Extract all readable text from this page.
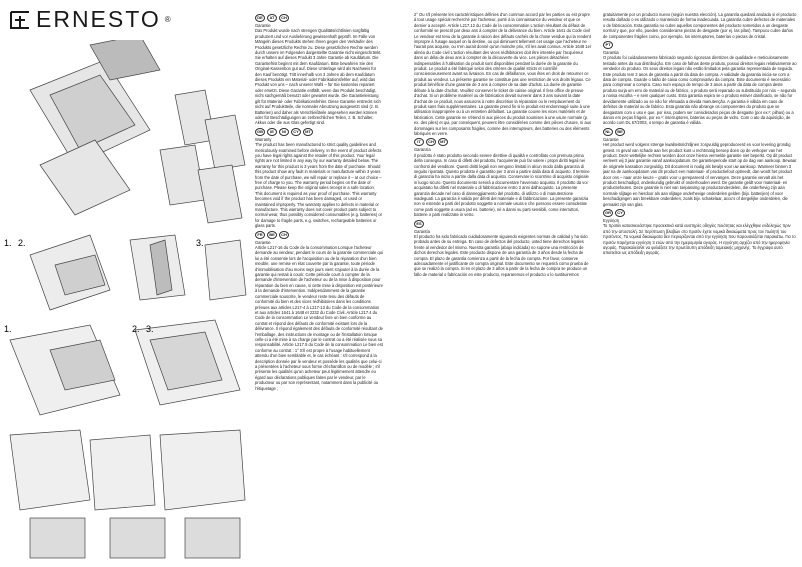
ERNESTO ®
1. 2.	3.
1.	2. 3.
DE	AT	CH

Garantie

Das Produkt wurde nach strengen Qualitätsrichtlinien sorgfältig produziert und vor Auslieferung gewissenhaft geprüft. Im Falle von Mängeln dieses Produkts stehen Ihnen gegen den Verkäufer des Produkts gesetzliche Rechte zu. Diese gesetzlichen Rechte werden durch unsere im Folgenden dargestellte Garantie nicht eingeschränkt. Sie erhalten auf dieses Produkt 3 Jahre Garantie ab Kaufdatum. Die Garantiefrist beginnt mit dem Kaufdatum. Bitte bewahren Sie den Original-Kassenbon gut auf. Diese Unterlage wird als Nachweis für den Kauf benötigt. Tritt innerhalb von 3 Jahren ab dem Kaufdatum dieses Produkts ein Material- oder Fabrikationsfehler auf, wird das Produkt von uns – nach unserer Wahl – für Sie kostenlos repariert oder ersetzt. Diese Garantie entfällt, wenn das Produkt beschädigt, nicht sachgemäß benutzt oder gewartet wurde. Die Garantieleistung gilt für Material- oder Fabrikationsfehler. Diese Garantie erstreckt sich nicht auf Produktteile, die normaler Abnutzung ausgesetzt sind (z. B. Batterien) und daher als Verschleißteile angesehen werden können oder für Beschädigungen an zerbrechlichen Teilen, z. B. Schalter, Akkus oder die aus Glas gefertigt sind.

GB	IE	NI	CY	MT

Warranty

The product has been manufactured to strict quality guidelines and meticulously examined before delivery. In the event of product defects you have legal rights against the retailer of this product. Your legal rights are not limited in any way by our warranty detailed below. The warranty for this product is 3 years from the date of purchase. Should this product show any fault in materials or manufacture within 3 years from the date of purchase, we will repair or replace it – at our choice – free of charge to you. The warranty period begins on the date of purchase. Please keep the original sales receipt in a safe location. This document is required as your proof of purchase. This warranty becomes void if the product has been damaged, or used or maintained improperly. The warranty applies to defects in material or manufacture. This warranty does not cover product parts subject to normal wear, thus possibly considered consumables (e.g. batteries) or for damage to fragile parts, e.g. switches, rechargeable batteries or glass parts.

FR	BE	CH

Garantie

Article L217-16 du Code de la consommation Lorsque l'acheteur demande au vendeur, pendant le cours de la garantie commerciale qui lui a été consentie lors de l'acquisition ou de la réparation d'un bien meuble, une remise en état couverte par la garantie, toute période d'immobilisation d'au moins sept jours vient s'ajouter à la durée de la garantie qui restait à courir. Cette période court à compter de la demande d'intervention de l'acheteur ou de la mise à disposition pour réparation du bien en cause, si cette mise à disposition est postérieure à la demande d'intervention. Indépendamment de la garantie commerciale souscrite, le vendeur reste tenu des défauts de conformité du bien et des vices rédhibitoires dans les conditions prévues aux articles L217-4 à L217-13 du Code de la consommation et aux articles 1641 à 1648 et 2232 du Code Civil. Article L217.4 du Code de la consommation Le vendeur livre un bien conforme au contrat et répond des défauts de conformité existant lors de la délivrance. Il répond également des défauts de conformité résultant de l'emballage, des instructions de montage ou de l'installation lorsque celle-ci a été mise à sa charge par le contrat ou a été réalisée sous sa responsabilité. Article L217.5 du Code de la consommation Le bien est conforme au contrat : 1° S'il est propre à l'usage habituellement attendu d'un bien semblable et, le cas échéant : s'il correspond à la description donnée par le vendeur et possède les qualités que celui-ci a présentées à l'acheteur sous forme d'échantillon ou de modèle ; s'il présente les qualités qu'un acheteur peut légitimement attendre eu égard aux déclarations publiques faites par le vendeur, par le producteur ou par son représentant, notamment dans la publicité ou l'étiquetage ;

2° Ou s'il présente les caractéristiques définies d'un commun accord par les parties ou est propre à tout usage spécial recherché par l'acheteur, porté à la connaissance du vendeur et que ce dernier a accepté. Article L217.12 du Code de la consommation L'action résultant du défaut de conformité se prescrit par deux ans à compter de la délivrance du bien. Article 1641 du Code civil Le vendeur est tenu de la garantie à raison des défauts cachés de la chose vendue qui la rendent impropre à l'usage auquel on la destine, ou qui diminuent tellement cet usage que l'acheteur ne l'aurait pas acquise, ou n'en aurait donné qu'un moindre prix, s'il les avait connus. Article 1648 1er alinéa du Code civil L'action résultant des vices rédhibitoires doit être intentée par l'acquéreur dans un délai de deux ans à compter de la découverte du vice. Les pièces détachées indispensables à l'utilisation du produit sont disponibles pendant la durée de la garantie du produit. Le produit a été fabriqué selon des critères de qualité stricts et contrôlé consciencieusement avant sa livraison. En cas de défaillance, vous êtes en droit de retourner ce produit au vendeur. La présente garantie ne constitue pas une restriction de vos droits légaux. Ce produit bénéficie d'une garantie de 3 ans à compter de sa date d'achat. La durée de garantie débute à la date d'achat. Veuillez conserver le ticket de caisse original. Il fera office de preuve d'achat. Si un problème matériel ou de fabrication devait survenir dans 3 ans suivant la date d'achat de ce produit, nous assurons à notre discrétion la réparation ou le remplacement du produit sans frais supplémentaires. La garantie prend fin si le produit est endommagé suite à une utilisation inappropriée ou à un entretien défaillant. La garantie couvre les vices matériels et de fabrication. Cette garantie ne s'étend ni aux pièces du produit soumises à une usure normale (p. ex. des piles) et qui, par conséquent, peuvent être considérées comme des pièces d'usure, ni aux dommages sur les composants fragiles, comme des interrupteurs, des batteries ou des éléments fabriqués en verre.

IT	CH	MT

Garanzia

Il prodotto è stato prodotto secondo severe direttive di qualità e controllato con premura prima della consegna. In caso di difetti del prodotto, l'acquirente può far valere i propri diritti legali nei confronti del venditore. Questi diritti legali non vengono limitati in alcun modo dalla garanzia di seguito riportata. Questo prodotto è garantito per 3 anni a partire dalla data di acquisto. Il termine di garanzia ha inizio a partire dalla data di acquisto. Conservare lo scontrino di acquisto originale in luogo sicuro. Questo documento servirà a documentare l'avvenuto acquisto. Il prodotto da voi acquistato ha difetti nel materiale o di fabbricazione entro 3 anni dall'acquisto. La presente garanzia decade nel caso di danneggiamento del prodotto, di utilizzo o di manutenzione inadeguati. La garanzia è valida per difetti del materiale e di fabbricazione. La presente garanzia non si estende a parti del prodotto soggette a normale usura e che possono essere considerate come parti soggette a usura (ad es. batterie), né a danni su parti sensibili, come interruttori, batterie o parti realizzate in vetro.

ES

Garantía

El producto ha sido fabricado cuidadosamente siguiendo exigentes normas de calidad y ha sido probado antes de su entrega. En caso de defectos del producto, usted tiene derechos legales frente al vendedor del mismo. Nuestra garantía (abajo indicada) no supone una restricción de dichos derechos legales. Este producto dispone de una garantía de 3 años desde la fecha de compra. El plazo de garantía comienza a partir de la fecha de compra. Por favor, conserve adecuadamente el justificante de compra original. Este documento se requerirá como prueba de que se realizó la compra. Si en el plazo de 3 años a partir de la fecha de compra se produce un fallo de material o fabricación en este producto, repararemos el producto o lo sustituiremos

gratuitamente por un producto nuevo (según nuestra elección). La garantía quedará anulada si el producto resulta dañado o es utilizado o mantenido de forma inadecuada. La garantía cubre defectos de materiales o de fabricación. Esta garantía no cubre aquellos componentes del producto sometidos a un desgaste normal y que, por ello, pueden considerarse piezas de desgaste (por ej. las pilas). Tampoco cubre daños de componentes frágiles como, por ejemplo, los interruptores, baterías o piezas de cristal.

PT

Garantia

O produto foi cuidadosamente fabricado segundo rigorosas diretrizes de qualidade e meticulosamente testado antes da sua distribuição. Em caso de falhas deste produto, possui direitos legais relativamente ao vendedor do produto. Os seus direitos legais não estão limitados pela garantia representada de seguida. Este produto tem 3 anos de garantia a partir da data de compra. A validade da garantia inicia-se com a data de compra. Guarde o talão de caixa como comprovativo da compra. Este documento é necessário para comprovar a compra. Caso num espaço de tempo de 3 anos a partir da data de compra deste produto surja um erro de material ou de fabrico, o produto será reparado ou substituído por nós – segundo a nossa escolha – e sem qualquer custo. Esta garantia expira se o produto estiver danificado, se não for devidamente utilizado ou se não for efetuada a devida manutenção. A garantia é válida em caso de defeitos de material ou de fabrico. Esta garantia não abrange os componentes do produto que se desgastam com o uso e que, por isso, podem ser considerados peças de desgaste (por ex.º: pilhas) ou a danos em peças frágeis, por ex.º: interruptores, baterias ou peças de vidro. Com o ato da aquisição, de acordo com DL 67/2003, o tempo de garantia é válida.

NL	BE

Garantie

Het product werd volgens strenge kwaliteitsrichtlijnen zorgvuldig geproduceerd en voor levering grondig getest. In geval van schade aan het product kunt u rechtmatig beroep doen op de verkoper van het product. Deze wettelijke rechten worden door onze hierna vermelde garantie niet beperkt. Op dit product verleent wij 3 jaar garantie vanaf aankoopdatum. De garantieperiode start op de dag van aankoop. Bewaar de originele kassabon zorgvuldig. Dit document is nodig als bewijs voor uw aankoop. Wanneer binnen 3 jaar na de aankoopdatum van dit product een materiaal- of productiefout optreedt, dan wordt het product door ons – naar onze keuze – gratis voor u gerepareerd of vervangen. Deze garantie vervalt als het product beschadigd, ondeskundig gebruikt of onderhouden werd. De garantie geldt voor materiaal- en productiefouten. Deze garantie is niet van toepassing op productonderdelen, die onderhevig zijn aan normale slijtage en hierdoor als aan slijtage onderhevige onderdelen gelden (bijv. batterijen) of voor beschadigingen aan breekbare onderdelen, zoals bijv. schakelaar, accu's of dergelijke onderdelen, die gemaakt zijn van glas.

GR	CY

Εγγύηση

Το προϊόν κατασκευάστηκε προσεκτικά κατά αυστηρές οδηγίες ποιότητας και ελέγχθηκε ενδελεχώς πριν από την αποστολή. Σε περίπτωση βλαβών στο προϊόν έχετε νομικά δικαιώματα προς τον πωλητή του προϊόντος. Τα νομικά δικαιώματα δεν περιορίζονται από την εγγύηση που παρουσιάζεται παρακάτω. Για το προϊόν παρέχεται εγγύηση 3 ετών από την ημερομηνία αγοράς. Η εγγύηση αρχίζει από την ημερομηνία αγοράς. Παρακαλείσθε να φυλάξετε την πρωτότυπη απόδειξη ταμειακής μηχανής. Το έγγραφο αυτό απαιτείται ως απόδειξη αγοράς.
